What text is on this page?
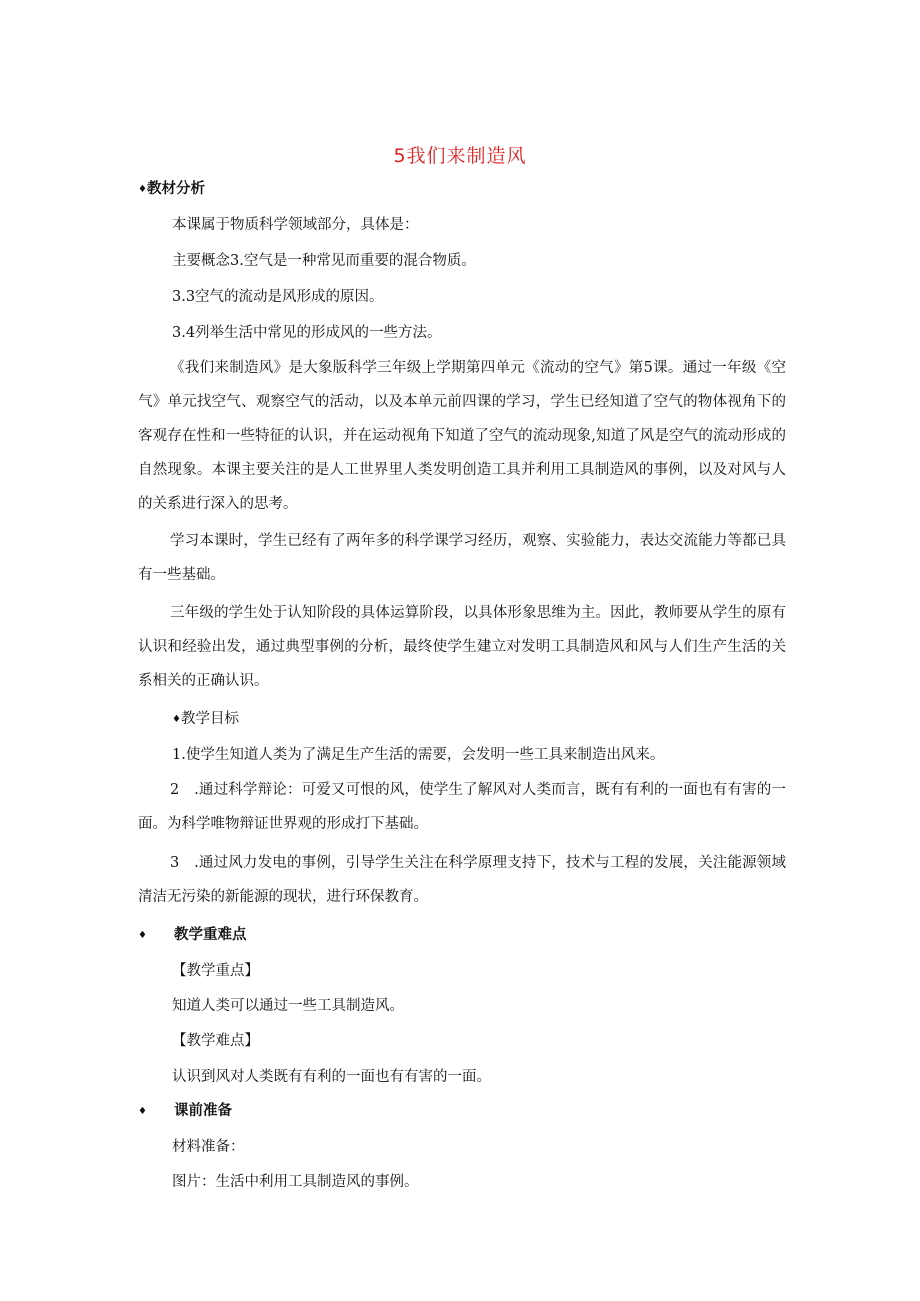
5我们来制造风
♦教材分析
本课属于物质科学领域部分，具体是：
主要概念3.空气是一种常见而重要的混合物质。
3.3空气的流动是风形成的原因。
3.4列举生活中常见的形成风的一些方法。
《我们来制造风》是大象版科学三年级上学期第四单元《流动的空气》第5课。通过一年级《空气》单元找空气、观察空气的活动，以及本单元前四课的学习，学生已经知道了空气的物体视角下的客观存在性和一些特征的认识，并在运动视角下知道了空气的流动现象,知道了风是空气的流动形成的自然现象。本课主要关注的是人工世界里人类发明创造工具并利用工具制造风的事例，以及对风与人的关系进行深入的思考。
学习本课时，学生已经有了两年多的科学课学习经历，观察、实验能力，表达交流能力等都已具有一些基础。
三年级的学生处于认知阶段的具体运算阶段，以具体形象思维为主。因此，教师要从学生的原有认识和经验出发，通过典型事例的分析，最终使学生建立对发明工具制造风和风与人们生产生活的关系相关的正确认识。
♦教学目标
1.使学生知道人类为了满足生产生活的需要，会发明一些工具来制造出风来。
2　.通过科学辩论：可爱又可恨的风，使学生了解风对人类而言，既有有利的一面也有有害的一面。为科学唯物辩证世界观的形成打下基础。
3　.通过风力发电的事例，引导学生关注在科学原理支持下，技术与工程的发展，关注能源领域清洁无污染的新能源的现状，进行环保教育。
♦ 教学重难点
【教学重点】
知道人类可以通过一些工具制造风。
【教学难点】
认识到风对人类既有有利的一面也有有害的一面。
♦ 课前准备
材料准备：
图片：生活中利用工具制造风的事例。
